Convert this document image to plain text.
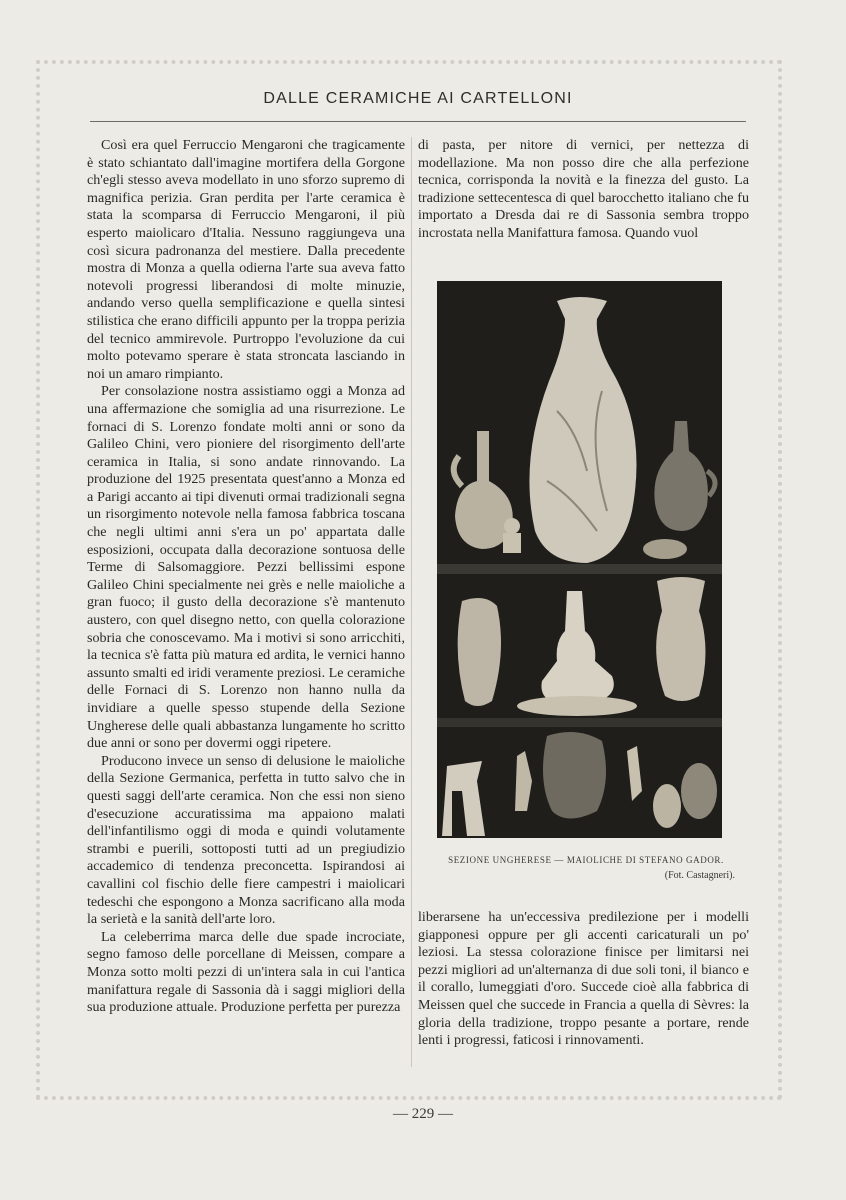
DALLE CERAMICHE AI CARTELLONI

Così era quel Ferruccio Mengaroni che tragicamente è stato schiantato dall'imagine mortifera della Gorgone ch'egli stesso aveva modellato in uno sforzo supremo di magnifica perizia. Gran perdita per l'arte ceramica è stata la scomparsa di Ferruccio Mengaroni, il più esperto maiolicaro d'Italia. Nessuno raggiungeva una così sicura padronanza del mestiere. Dalla precedente mostra di Monza a quella odierna l'arte sua aveva fatto notevoli progressi liberandosi di molte minuzie, andando verso quella semplificazione e quella sintesi stilistica che erano difficili appunto per la troppa perizia del tecnico ammirevole. Purtroppo l'evoluzione da cui molto potevamo sperare è stata stroncata lasciando in noi un amaro rimpianto.

Per consolazione nostra assistiamo oggi a Monza ad una affermazione che somiglia ad una risurrezione. Le fornaci di S. Lorenzo fondate molti anni or sono da Galileo Chini, vero pioniere del risorgimento dell'arte ceramica in Italia, si sono andate rinnovando. La produzione del 1925 presentata quest'anno a Monza ed a Parigi accanto ai tipi divenuti ormai tradizionali segna un risorgimento notevole nella famosa fabbrica toscana che negli ultimi anni s'era un po' appartata dalle esposizioni, occupata dalla decorazione sontuosa delle Terme di Salsomaggiore. Pezzi bellissimi espone Galileo Chini specialmente nei grès e nelle maioliche a gran fuoco; il gusto della decorazione s'è mantenuto austero, con quel disegno netto, con quella colorazione sobria che conoscevamo. Ma i motivi si sono arricchiti, la tecnica s'è fatta più matura ed ardita, le vernici hanno assunto smalti ed iridi veramente preziosi. Le ceramiche delle Fornaci di S. Lorenzo non hanno nulla da invidiare a quelle spesso stupende della Sezione Ungherese delle quali abbastanza lungamente ho scritto due anni or sono per dovermi oggi ripetere.

Producono invece un senso di delusione le maioliche della Sezione Germanica, perfetta in tutto salvo che in questi saggi dell'arte ceramica. Non che essi non sieno d'esecuzione accuratissima ma appaiono malati dell'infantilismo oggi di moda e quindi volutamente strambi e puerili, sottoposti tutti ad un pregiudizio accademico di tendenza preconcetta. Ispirandosi ai cavallini col fischio delle fiere campestri i maiolicari tedeschi che espongono a Monza sacrificano alla moda la serietà e la sanità dell'arte loro.

La celeberrima marca delle due spade incrociate, segno famoso delle porcellane di Meissen, compare a Monza sotto molti pezzi di un'intera sala in cui l'antica manifattura regale di Sassonia dà i saggi migliori della sua produzione attuale. Produzione perfetta per purezza

di pasta, per nitore di vernici, per nettezza di modellazione. Ma non posso dire che alla perfezione tecnica, corrisponda la novità e la finezza del gusto. La tradizione settecentesca di quel barocchetto italiano che fu importato a Dresda dai re di Sassonia sembra troppo incrostata nella Manifattura famosa. Quando vuol

SEZIONE UNGHERESE — MAIOLICHE DI STEFANO GADOR.
(Fot. Castagneri).

liberarsene ha un'eccessiva predilezione per i modelli giapponesi oppure per gli accenti caricaturali un po' leziosi. La stessa colorazione finisce per limitarsi nei pezzi migliori ad un'alternanza di due soli toni, il bianco e il corallo, lumeggiati d'oro. Succede cioè alla fabbrica di Meissen quel che succede in Francia a quella di Sèvres: la gloria della tradizione, troppo pesante a portare, rende lenti i progressi, faticosi i rinnovamenti.

— 229 —
